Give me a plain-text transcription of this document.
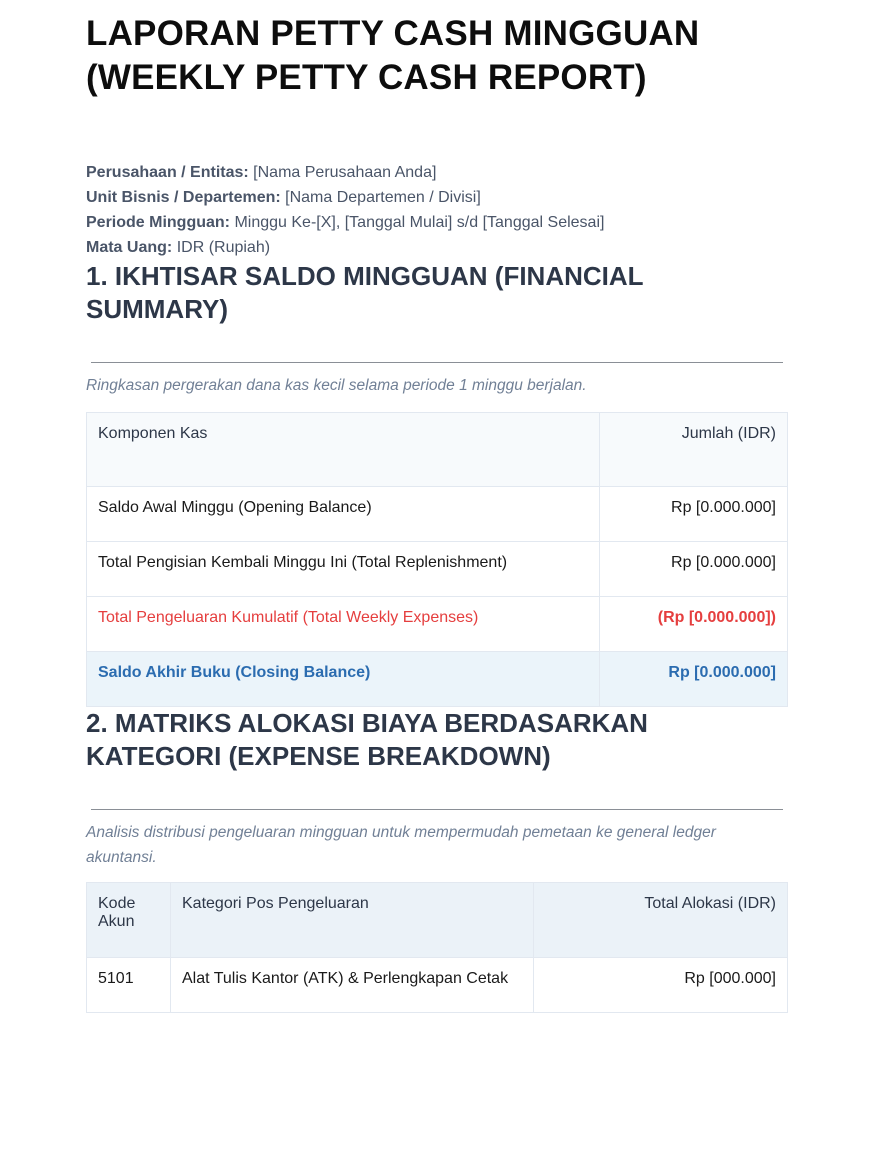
LAPORAN PETTY CASH MINGGUAN
(WEEKLY PETTY CASH REPORT)
Perusahaan / Entitas: [Nama Perusahaan Anda]
Unit Bisnis / Departemen: [Nama Departemen / Divisi]
Periode Mingguan: Minggu Ke-[X], [Tanggal Mulai] s/d [Tanggal Selesai]
Mata Uang: IDR (Rupiah)
1. IKHTISAR SALDO MINGGUAN (FINANCIAL SUMMARY)
Ringkasan pergerakan dana kas kecil selama periode 1 minggu berjalan.
Komponen Kas	Jumlah (IDR)
Saldo Awal Minggu (Opening Balance)	Rp [0.000.000]
Total Pengisian Kembali Minggu Ini (Total Replenishment)	Rp [0.000.000]
Total Pengeluaran Kumulatif (Total Weekly Expenses)	(Rp [0.000.000])
Saldo Akhir Buku (Closing Balance)	Rp [0.000.000]
2. MATRIKS ALOKASI BIAYA BERDASARKAN KATEGORI (EXPENSE BREAKDOWN)
Analisis distribusi pengeluaran mingguan untuk mempermudah pemetaan ke general ledger akuntansi.
Kode Akun	Kategori Pos Pengeluaran	Total Alokasi (IDR)
5101	Alat Tulis Kantor (ATK) & Perlengkapan Cetak	Rp [000.000]
